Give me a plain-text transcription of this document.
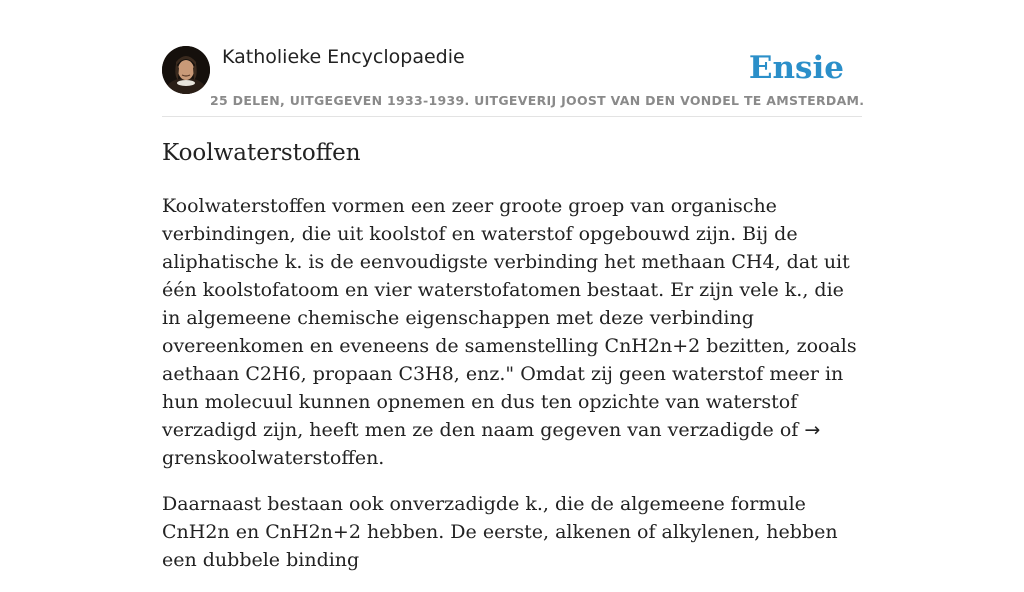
Katholieke Encyclopaedie
25 DELEN, UITGEGEVEN 1933-1939. UITGEVERIJ JOOST VAN DEN VONDEL TE AMSTERDAM.
Ensie
Koolwaterstoffen

Koolwaterstoffen vormen een zeer groote groep van organische verbindingen, die uit koolstof en waterstof opgebouwd zijn. Bij de aliphatische k. is de eenvoudigste verbinding het methaan CH4, dat uit één koolstofatoom en vier waterstofatomen bestaat. Er zijn vele k., die in algemeene chemische eigenschappen met deze verbinding overeenkomen en eveneens de samenstelling CnH2n+2 bezitten, zooals aethaan C2H6, propaan C3H8, enz." Omdat zij geen waterstof meer in hun molecuul kunnen opnemen en dus ten opzichte van waterstof verzadigd zijn, heeft men ze den naam gegeven van verzadigde of → grenskoolwaterstoffen.

Daarnaast bestaan ook onverzadigde k., die de algemeene formule CnH2n en CnH2n+2 hebben. De eerste, alkenen of alkylenen, hebben een dubbele binding
